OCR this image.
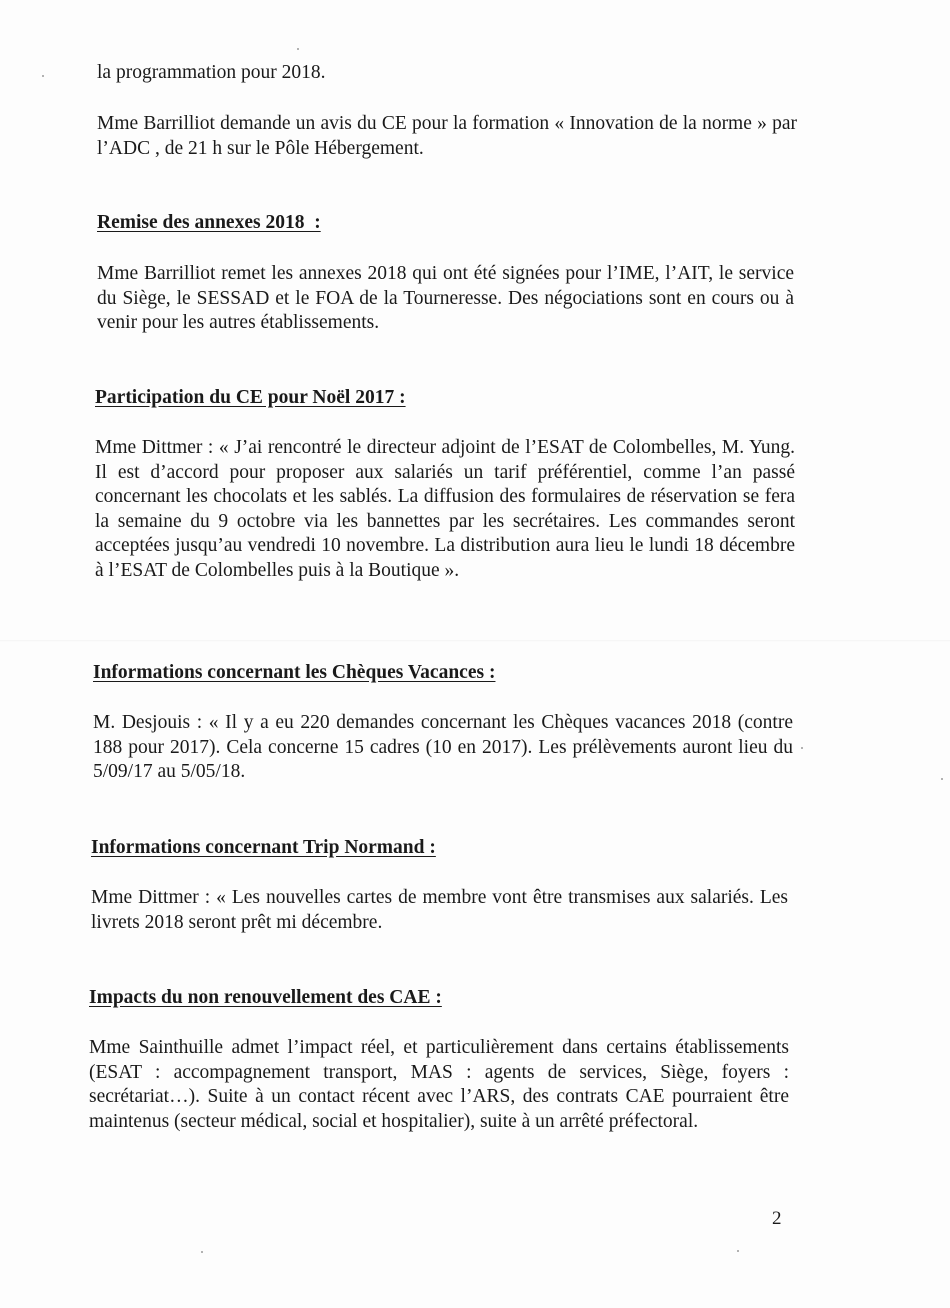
la programmation pour 2018.

Mme Barrilliot demande un avis du CE pour la formation « Innovation de la norme » par l’ADC , de 21 h sur le Pôle Hébergement.

Remise des annexes 2018  :

Mme Barrilliot remet les annexes 2018 qui ont été signées pour l’IME, l’AIT, le service du Siège, le SESSAD et le FOA de la Tourneresse. Des négociations sont en cours ou à venir pour les autres établissements.

Participation du CE pour Noël 2017 :

Mme Dittmer : « J’ai rencontré le directeur adjoint de l’ESAT de Colombelles, M. Yung. Il est d’accord pour proposer aux salariés un tarif préférentiel, comme l’an passé concernant les chocolats et les sablés. La diffusion des formulaires de réservation se fera la semaine du 9 octobre via les bannettes par les secrétaires. Les commandes seront acceptées jusqu’au vendredi 10 novembre. La distribution aura lieu le lundi 18 décembre à l’ESAT de Colombelles puis à la Boutique ».

Informations concernant les Chèques Vacances :

M. Desjouis : « Il y a eu 220 demandes concernant les Chèques vacances 2018 (contre 188 pour 2017). Cela concerne 15 cadres (10 en 2017). Les prélèvements auront lieu du 5/09/17 au 5/05/18.

Informations concernant Trip Normand :

Mme Dittmer : « Les nouvelles cartes de membre vont être transmises aux salariés. Les livrets 2018 seront prêt mi décembre.

Impacts du non renouvellement des CAE :

Mme Sainthuille admet l’impact réel, et particulièrement dans certains établissements (ESAT : accompagnement transport, MAS : agents de services, Siège, foyers : secrétariat…). Suite à un contact récent avec l’ARS, des contrats CAE pourraient être maintenus (secteur médical, social et hospitalier), suite à un arrêté préfectoral.

2
